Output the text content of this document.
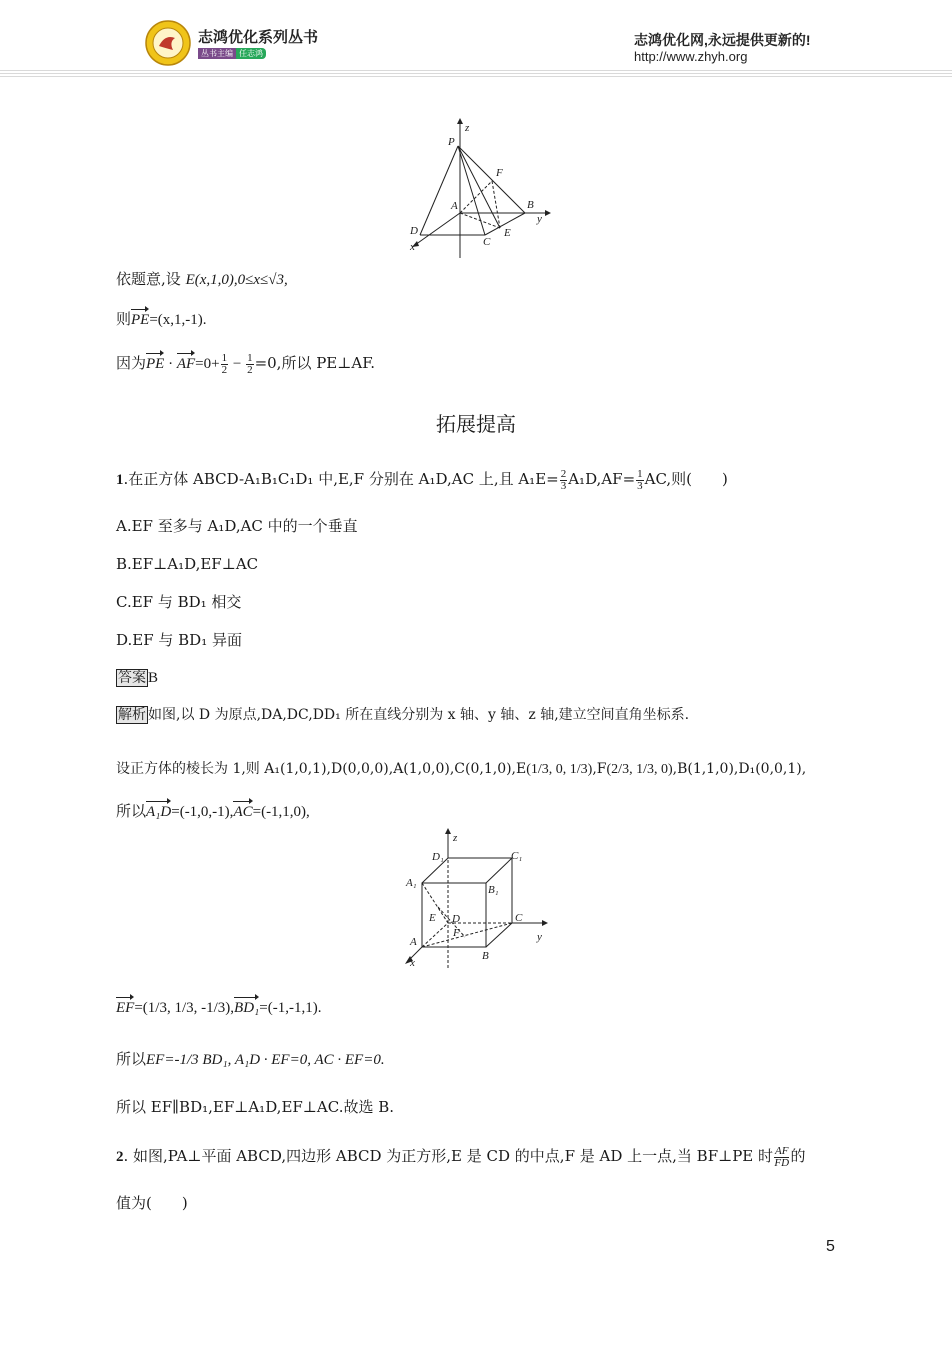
志鸿优化系列丛书
丛书主编 任志鸿
志鸿优化网,永远提供更新的!
http://www.zhyh.org
z
P
F
A	B
y
D
C
E
x
依题意,设 E(x,1,0),0≤x≤√3,
则PE=(x,1,-1).
因为PE · $AF=0+ \frac{1}{2} - \frac{1}{2} =0$,所以 PE⊥AF.
拓展提高
1.在正方体 ABCD-A₁B₁C₁D₁ 中,E,F 分别在 A₁D,AC 上,且 $A_1E= \frac{2}{3} A_1D,AF= \frac{1}{3}$ AC,则(　　)
A.EF 至多与 A₁D,AC 中的一个垂直
B.EF⊥A₁D,EF⊥AC
C.EF 与 BD₁ 相交
D.EF 与 BD₁ 异面
答案 B
解析 如图,以 D 为原点,DA,DC,DD₁ 所在直线分别为 x 轴、y 轴、z 轴,建立空间直角坐标系.
设正方体的棱长为 1,则 A₁(1,0,1),D(0,0,0),A(1,0,0),C(0,1,0),E(1/3, 0, 1/3),F(2/3, 1/3, 0),B(1,1,0),D₁(0,0,1),
所以A₁D=(-1,0,-1),AC=(-1,1,0),
z
D₁	C₁
A₁
B₁
E D	C
y
F
A
B
x
EF=(1/3, 1/3, -1/3),BD₁=(-1,-1,1).
所以EF=-1/3 BD₁, A₁D · EF=0, AC · EF=0.
所以 EF∥BD₁,EF⊥A₁D,EF⊥AC.故选 B.
2. 如图,PA⊥平面 ABCD,四边形 ABCD 为正方形,E 是 CD 的中点,F 是 AD 上一点,当 BF⊥PE 时 $\frac{AF}{FD}$ 的
值为(　　)
5
